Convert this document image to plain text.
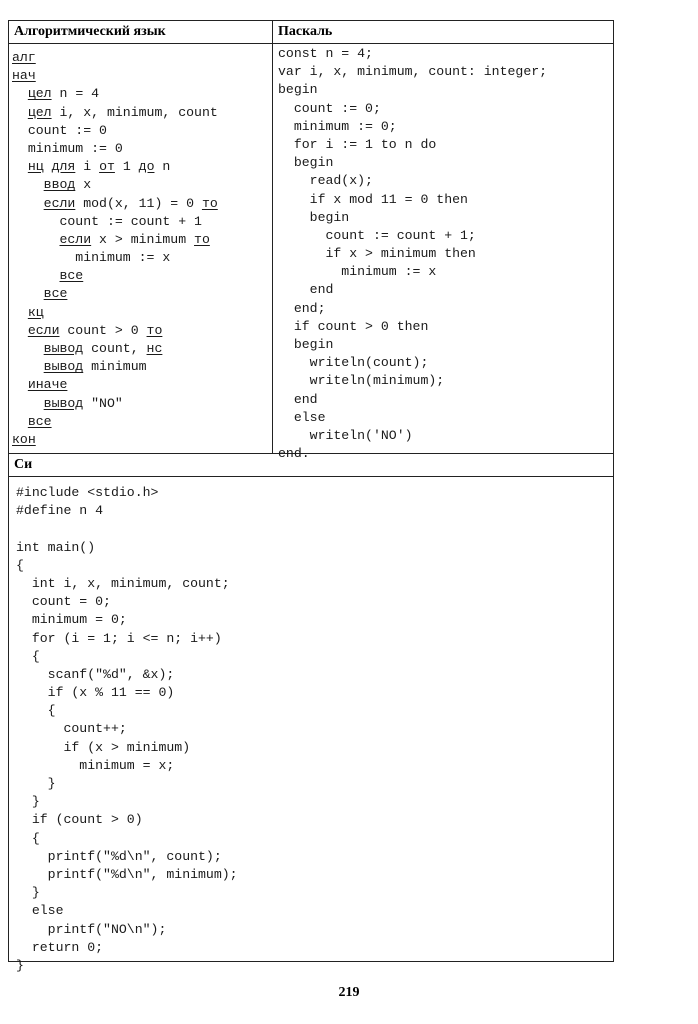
Алгоритмический язык	Паскаль
Си
алг
нач
цел n = 4
цел i, x, minimum, count
count := 0
minimum := 0
нц для i от 1 до n
ввод x
если mod(x, 11) = 0 то
count := count + 1
если x > minimum то
minimum := x
все
все
кц
если count > 0 то
вывод count, нс
вывод minimum
иначе
вывод "NO"
все
кон
const n = 4;
var i, x, minimum, count: integer;
begin
count := 0;
minimum := 0;
for i := 1 to n do
begin
read(x);
if x mod 11 = 0 then
begin
count := count + 1;
if x > minimum then
minimum := x
end
end;
if count > 0 then
begin
writeln(count);
writeln(minimum);
end
else
writeln('NO')
end.
#include <stdio.h>
#define n 4
int main()
{
int i, x, minimum, count;
count = 0;
minimum = 0;
for (i = 1; i <= n; i++)
{
scanf("%d", &x);
if (x % 11 == 0)
{
count++;
if (x > minimum)
minimum = x;
}
}
if (count > 0)
{
printf("%d\n", count);
printf("%d\n", minimum);
}
else
printf("NO\n");
return 0;
}
219
